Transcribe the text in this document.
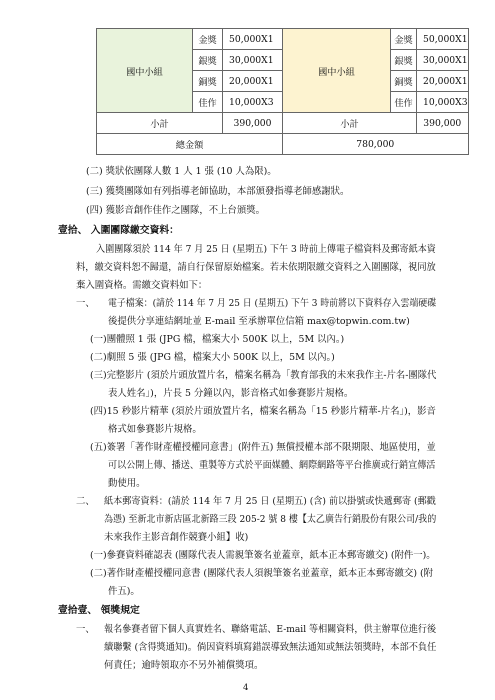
國中小組	金獎	50,000X1	國中小組	金獎	50,000X1
	銀獎	30,000X1		銀獎	30,000X1
	銅獎	20,000X1		銅獎	20,000X1
	佳作	10,000X3		佳作	10,000X3
小計		390,000	小計		390,000
總金額			780,000		
(二) 獎狀依團隊人數 1 人 1 張 (10 人為限)。
(三) 獲獎團隊如有列指導老師協助，本部頒發指導老師感謝狀。
(四) 獲影音創作佳作之團隊，不上台頒獎。
壹拾、 入圍團隊繳交資料：
入圍團隊須於 114 年 7 月 25 日 (星期五) 下午 3 時前上傳電子檔資料及郵寄紙本資
料，繳交資料恕不歸還，請自行保留原始檔案。若未依期限繳交資料之入圍團隊，視同放
棄入圍資格。需繳交資料如下：
一、 電子檔案：(請於 114 年 7 月 25 日 (星期五) 下午 3 時前將以下資料存入雲端硬碟
後提供分享連結網址並 E-mail 至承辦單位信箱 max@topwin.com.tw)
(一)團體照 1 張 (JPG 檔，檔案大小 500K 以上，5M 以內。)
(二)劇照 5 張 (JPG 檔，檔案大小 500K 以上，5M 以內。)
(三)完整影片 (須於片頭放置片名，檔案名稱為「教育部我的未來我作主-片名-團隊代
表人姓名」)，片長 5 分鐘以內，影音格式如參賽影片規格。
(四)15 秒影片精華 (須於片頭放置片名，檔案名稱為「15 秒影片精華-片名」)，影音
格式如參賽影片規格。
(五)簽署「著作財產權授權同意書」(附件五) 無償授權本部不限期限、地區使用，並
可以公開上傳、播送、重製等方式於平面媒體、網際網路等平台推廣或行銷宣傳活
動使用。
二、 紙本郵寄資料：(請於 114 年 7 月 25 日 (星期五) (含) 前以掛號或快遞郵寄 (郵戳
為憑) 至新北市新店區北新路三段 205-2 號 8 樓【太乙廣告行銷股份有限公司/我的
未來我作主影音創作競賽小組】收)
(一)參賽資料確認表 (團隊代表人需親筆簽名並蓋章，紙本正本郵寄繳交) (附件一)。
(二)著作財產權授權同意書 (團隊代表人須親筆簽名並蓋章，紙本正本郵寄繳交) (附
件五)。
壹拾壹、 領獎規定
一、 報名參賽者留下個人真實姓名、聯絡電話、E-mail 等相關資料，供主辦單位進行後
續聯繫 (含得獎通知)。倘因資料填寫錯誤導致無法通知或無法領獎時，本部不負任
何責任；逾時領取亦不另外補償獎項。
4
